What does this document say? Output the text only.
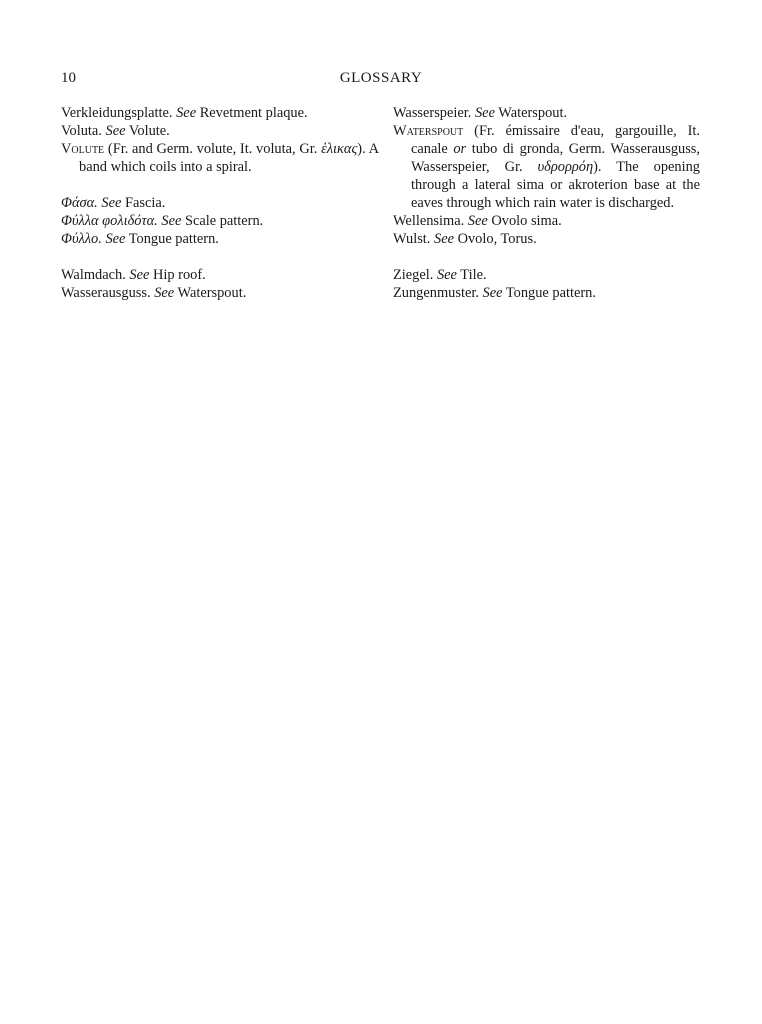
10	GLOSSARY

Verkleidungsplatte. See Revetment plaque.

Voluta. See Volute.

Volute (Fr. and Germ. volute, It. voluta, Gr. ἑλικας). A band which coils into a spiral.

Φάσα. See Fascia.

Φύλλα φολιδότα. See Scale pattern.

Φύλλο. See Tongue pattern.

Walmdach. See Hip roof.

Wasserausguss. See Waterspout.

Wasserspeier. See Waterspout.

Waterspout (Fr. émissaire d'eau, gargouille, It. canale or tubo di gronda, Germ. Wasserausguss, Wasserspeier, Gr. υδρορρόη). The opening through a lateral sima or akroterion base at the eaves through which rain water is discharged.

Wellensima. See Ovolo sima.

Wulst. See Ovolo, Torus.

Ziegel. See Tile.

Zungenmuster. See Tongue pattern.
